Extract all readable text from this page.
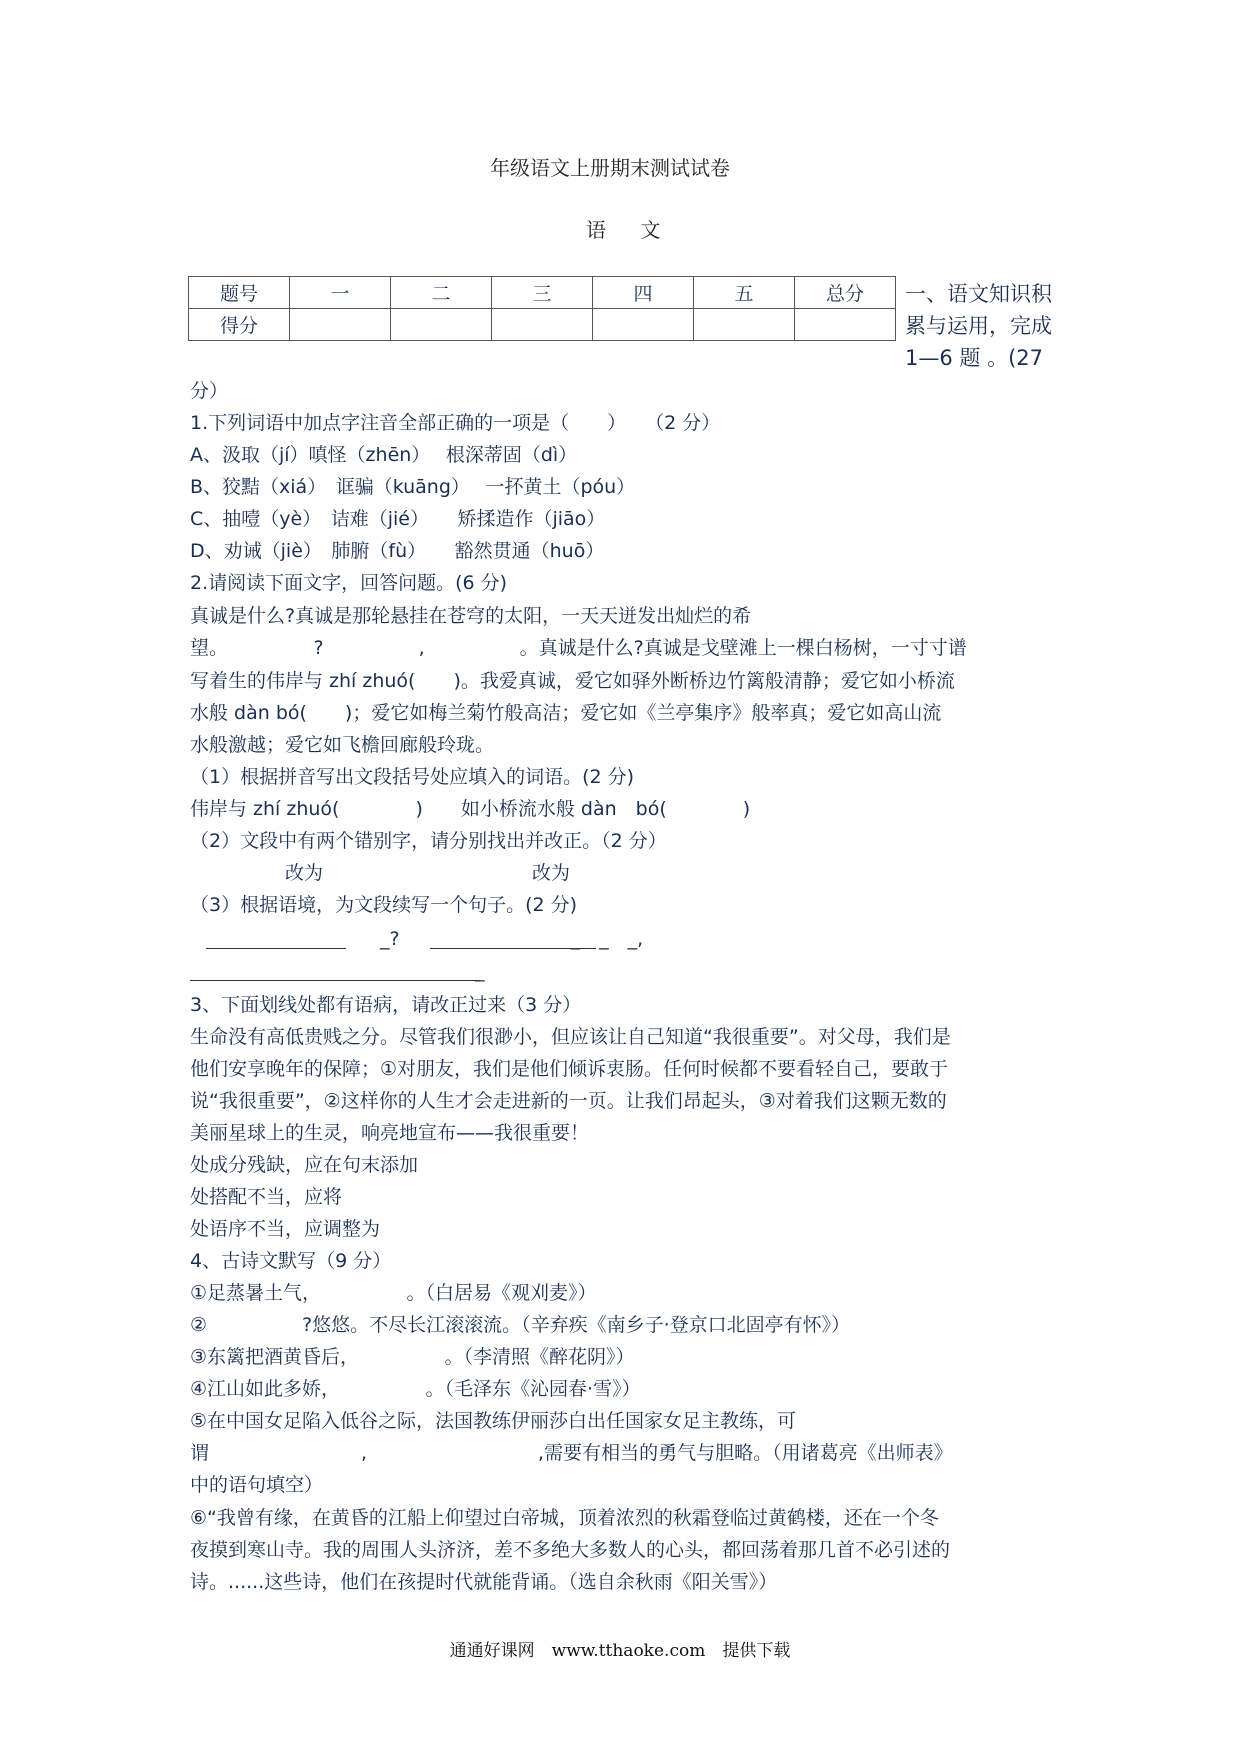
年级语文上册期末测试试卷
语 文
题号	一	二	三	四	五	总分
得分						
一、语文知识积
累与运用，完成
1—6 题 。(27
分）
1.下列词语中加点字注音全部正确的一项是（　　）　　（2 分）
A、汲取（jí）嗔怪（zhēn）　 根深蒂固（dì）
B、狡黠（xiá）　诓骗（kuāng）　 一抔黄土（póu）
C、抽噎（yè）　诘难（jié）　　矫揉造作（jiāo）
D、劝诫（jiè）　肺腑（fù）　　豁然贯通（huō）
2.请阅读下面文字，回答问题。(6 分)
真诚是什么?真诚是那轮悬挂在苍穹的太阳，一天天迸发出灿烂的希
望。　　　　　?　　　　　,　　　　　。真诚是什么?真诚是戈壁滩上一棵白杨树，一寸寸谱
写着生的伟岸与 zhí zhuó(　　)。我爱真诚，爱它如驿外断桥边竹篱般清静；爱它如小桥流
水般 dàn bó(　　)；爱它如梅兰菊竹般高洁；爱它如《兰亭集序》般率真；爱它如高山流
水般激越；爱它如飞檐回廊般玲珑。
（1）根据拼音写出文段括号处应填入的词语。(2 分)
伟岸与 zhí zhuó(　　　　)　　如小桥流水般 dàn　bó(　　　　)
（2）文段中有两个错别字，请分别找出并改正。（2 分）
　　　　　改为　　　　　　　　　　　改为
（3）根据语境，为文段续写一个句子。(2 分)
　　　　　　　　　　_?　　　　　　　　　_　_　_,
　　　　　　　　　　　　　　　_
3、下面划线处都有语病，请改正过来（3 分）
生命没有高低贵贱之分。尽管我们很渺小，但应该让自己知道“我很重要”。对父母，我们是
他们安享晚年的保障；①对朋友，我们是他们倾诉衷肠。任何时候都不要看轻自己，要敢于
说“我很重要”，②这样你的人生才会走进新的一页。让我们昂起头，③对着我们这颗无数的
美丽星球上的生灵，响亮地宣布——我很重要！
处成分残缺，应在句末添加
处搭配不当，应将
处语序不当，应调整为
4、古诗文默写（9 分）
①足蒸暑土气，　　　　　。（白居易《观刈麦》）
②　　　　　?悠悠。不尽长江滚滚流。（辛弃疾《南乡子·登京口北固亭有怀》）
③东篱把酒黄昏后，　　　　　。（李清照《醉花阴》）
④江山如此多娇，　　　　　。（毛泽东《沁园春·雪》）
⑤在中国女足陷入低谷之际，法国教练伊丽莎白出任国家女足主教练，可
谓　　　　　　　　,　　　　　　　　　,需要有相当的勇气与胆略。（用诸葛亮《出师表》
中的语句填空）
⑥“我曾有缘，在黄昏的江船上仰望过白帝城，顶着浓烈的秋霜登临过黄鹤楼，还在一个冬
夜摸到寒山寺。我的周围人头济济，差不多绝大多数人的心头，都回荡着那几首不必引述的
诗。......这些诗，他们在孩提时代就能背诵。（选自余秋雨《阳关雪》）
通通好课网　www.tthaoke.com　提供下载
